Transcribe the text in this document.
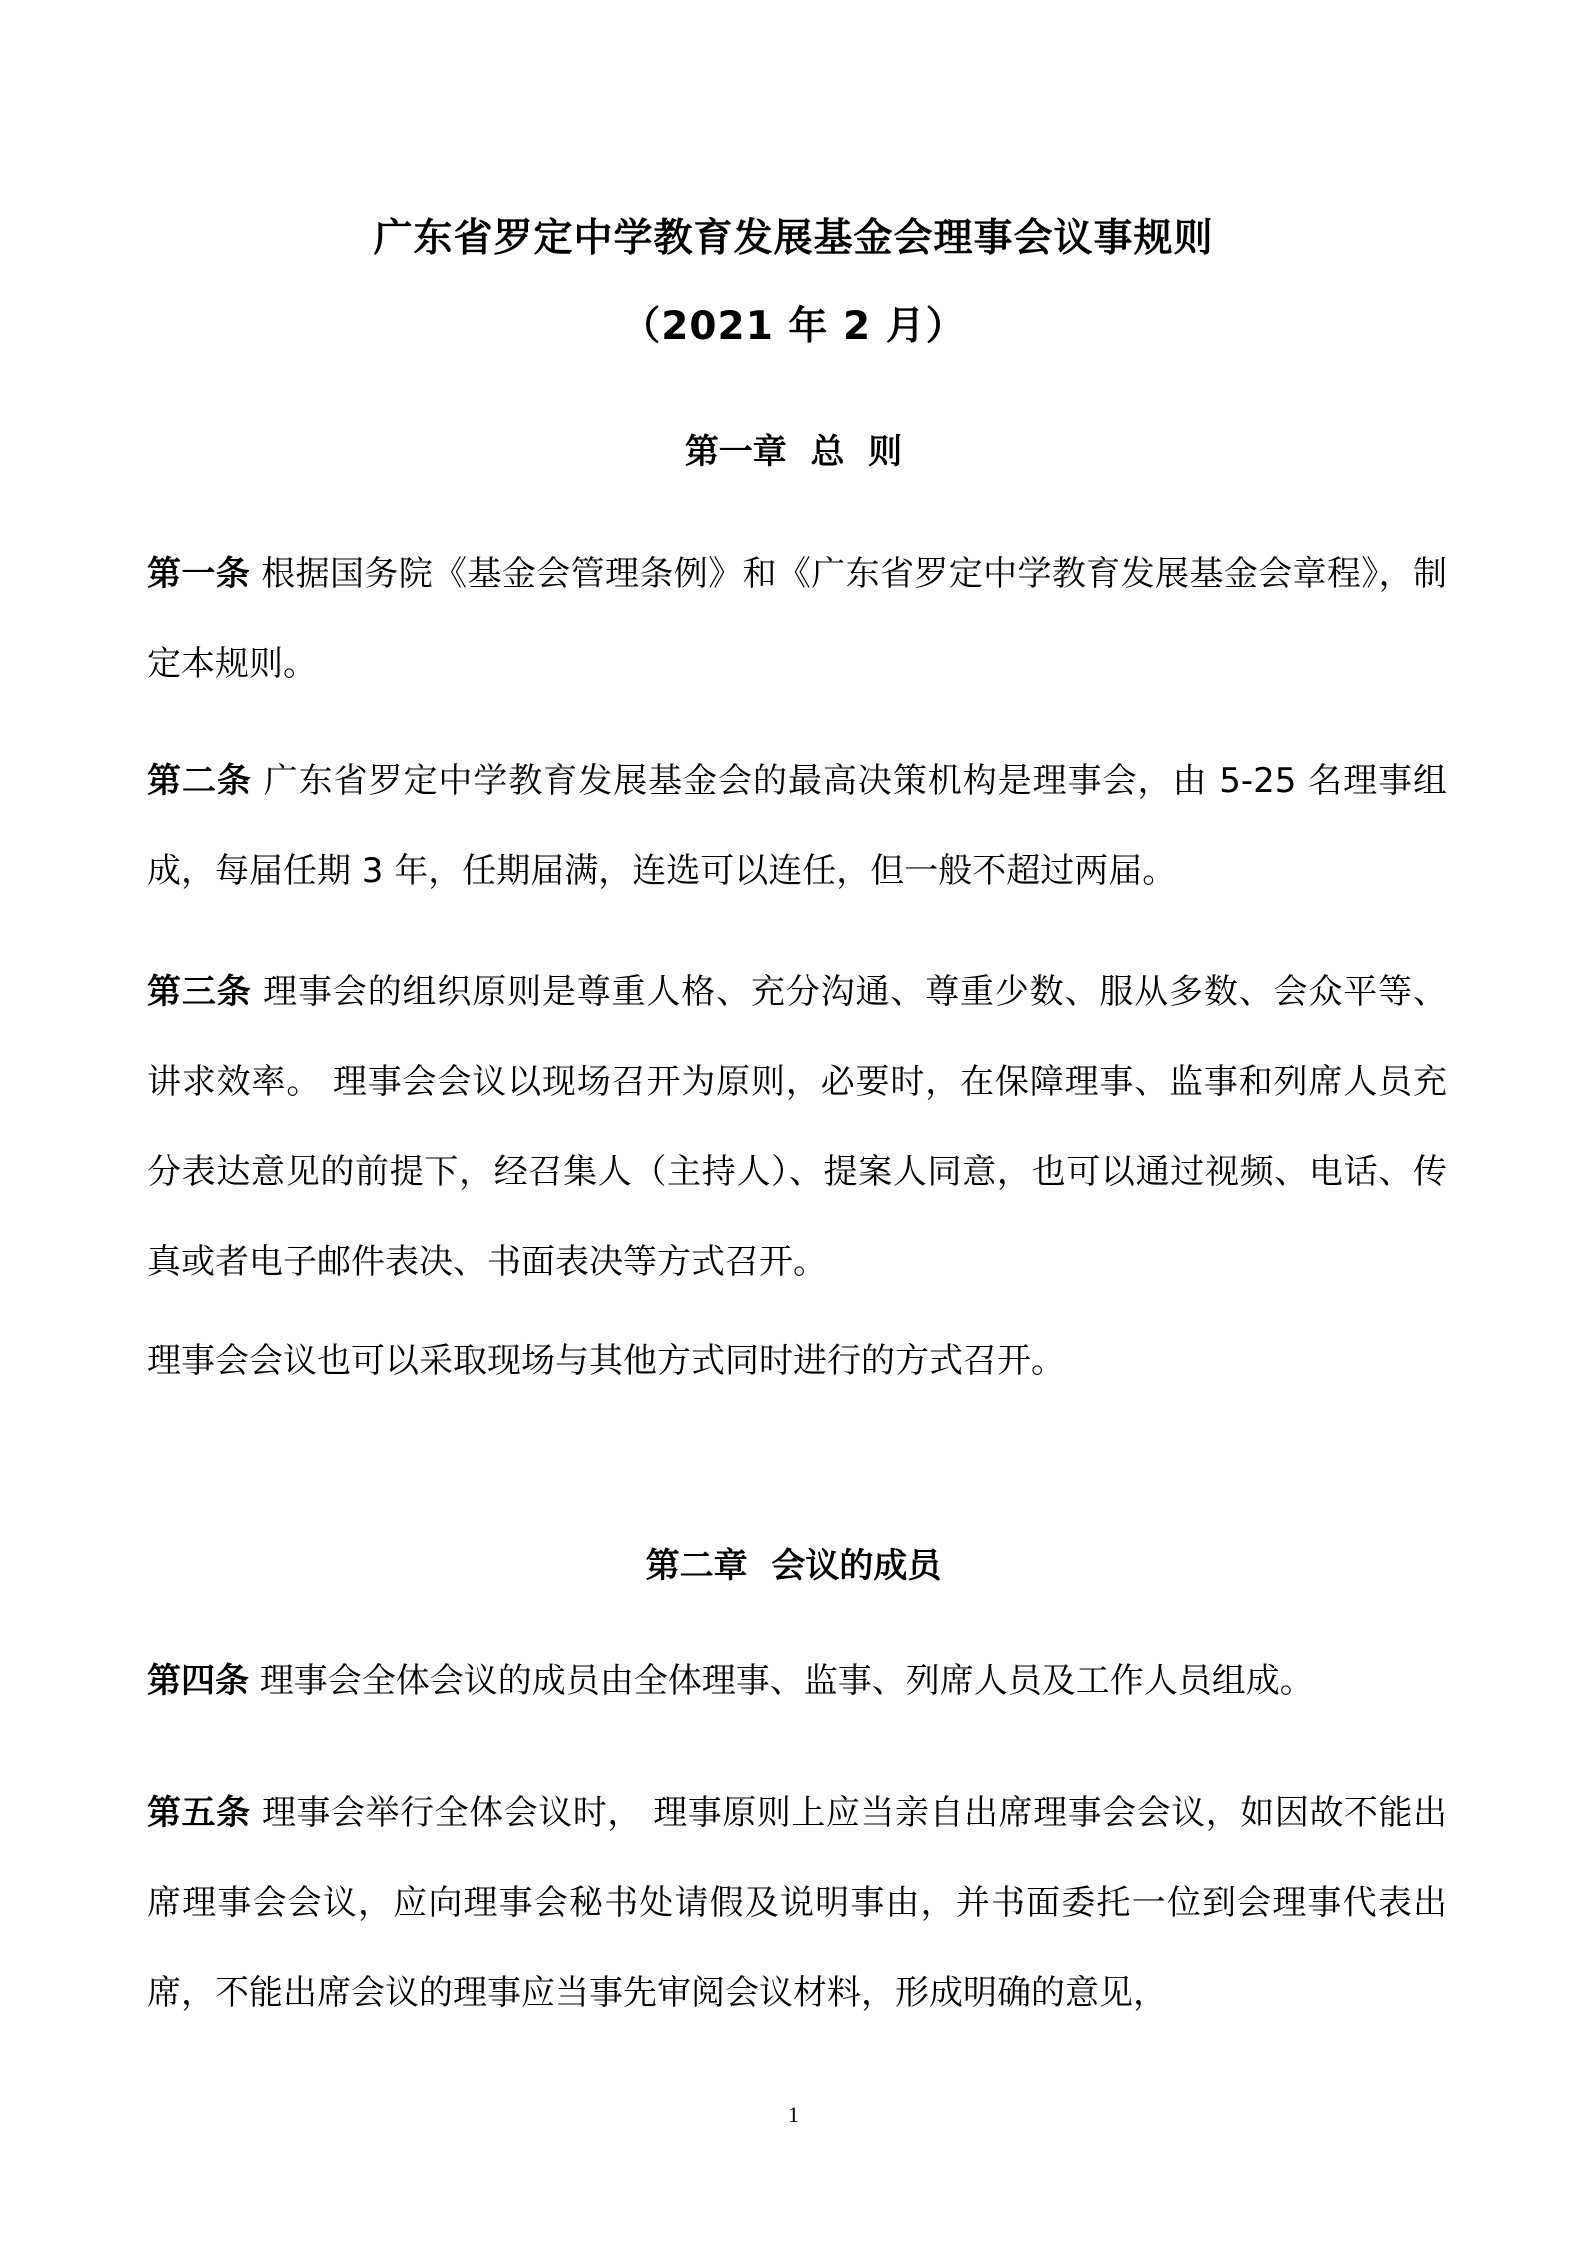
广东省罗定中学教育发展基金会理事会议事规则
（2021 年 2 月）
第一章  总  则

第一条 根据国务院《基金会管理条例》和《广东省罗定中学教育发展基金会章程》，制定本规则。

第二条 广东省罗定中学教育发展基金会的最高决策机构是理事会，由 5-25 名理事组成，每届任期 3 年，任期届满，连选可以连任，但一般不超过两届。

第三条 理事会的组织原则是尊重人格、充分沟通、尊重少数、服从多数、会众平等、讲求效率。 理事会会议以现场召开为原则，必要时，在保障理事、监事和列席人员充分表达意见的前提下，经召集人（主持人）、提案人同意，也可以通过视频、电话、传真或者电子邮件表决、书面表决等方式召开。

理事会会议也可以采取现场与其他方式同时进行的方式召开。

第二章  会议的成员

第四条 理事会全体会议的成员由全体理事、监事、列席人员及工作人员组成。

第五条 理事会举行全体会议时， 理事原则上应当亲自出席理事会会议，如因故不能出席理事会会议，应向理事会秘书处请假及说明事由，并书面委托一位到会理事代表出席，不能出席会议的理事应当事先审阅会议材料，形成明确的意见，

1
